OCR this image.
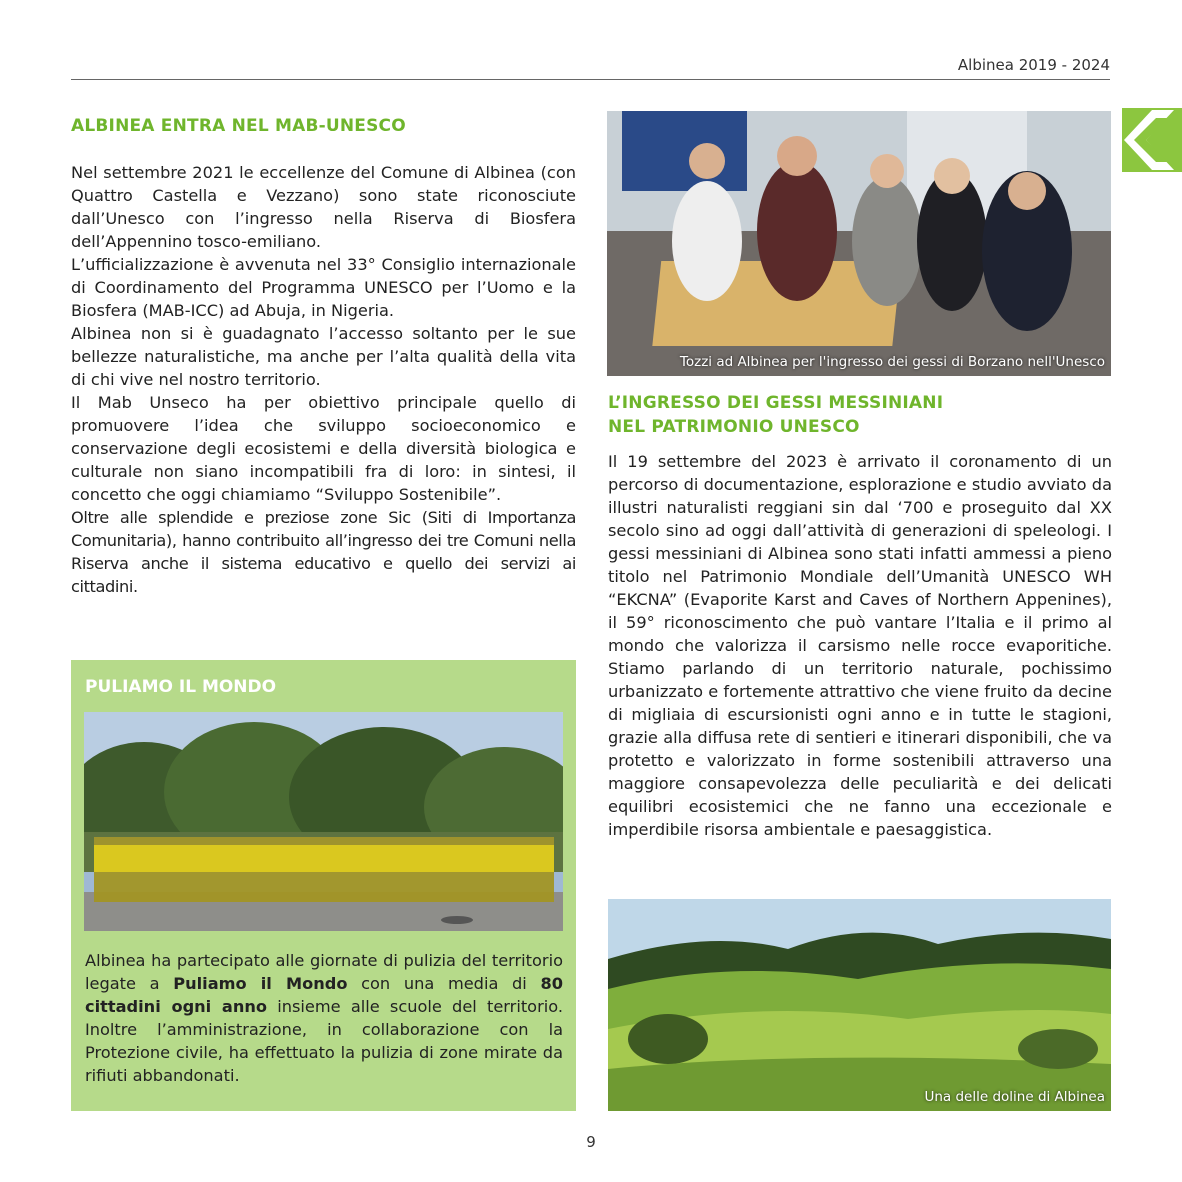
Albinea 2019 - 2024
ALBINEA ENTRA NEL MAB-UNESCO

Nel settembre 2021 le eccellenze del Comune di Albinea (con Quattro Castella e Vezzano) sono state riconosciute dall’Unesco con l’ingresso nella Riserva di Biosfera dell’Appennino tosco-emiliano.

L’ufficializzazione è avvenuta nel 33° Consiglio internazionale di Coordinamento del Programma UNESCO per l’Uomo e la Biosfera (MAB-ICC) ad Abuja, in Nigeria.

Albinea non si è guadagnato l’accesso soltanto per le sue bellezze naturalistiche, ma anche per l’alta qualità della vita di chi vive nel nostro territorio.

Il Mab Unseco ha per obiettivo principale quello di promuovere l’idea che sviluppo socioeconomico e conservazione degli ecosistemi e della diversità biologica e culturale non siano incompatibili fra di loro: in sintesi, il concetto che oggi chiamiamo “Sviluppo Sostenibile”.

Oltre alle splendide e preziose zone Sic (Siti di Importanza Comunitaria), hanno contribuito all’ingresso dei tre Comuni nella Riserva anche il sistema educativo e quello dei servizi ai cittadini.

PULIAMO IL MONDO
Albinea ha partecipato alle giornate di pulizia del territorio legate a Puliamo il Mondo con una media di 80 cittadini ogni anno insieme alle scuole del territorio. Inoltre l’amministrazione, in collaborazione con la Protezione civile, ha effettuato la pulizia di zone mirate da rifiuti abbandonati.
Tozzi ad Albinea per l'ingresso dei gessi di Borzano nell'Unesco
L’INGRESSO DEI GESSI MESSINIANI
NEL PATRIMONIO UNESCO

Il 19 settembre del 2023 è arrivato il coronamento di un percorso di documentazione, esplorazione e studio avviato da illustri naturalisti reggiani sin dal ‘700 e proseguito dal XX secolo sino ad oggi dall’attività di generazioni di speleologi. I gessi messiniani di Albinea sono stati infatti ammessi a pieno titolo nel Patrimonio Mondiale dell’Umanità UNESCO WH “EKCNA” (Evaporite Karst and Caves of Northern Appenines), il 59° riconoscimento che può vantare l’Italia e il primo al mondo che valorizza il carsismo nelle rocce evaporitiche. Stiamo parlando di un territorio naturale, pochissimo urbanizzato e fortemente attrattivo che viene fruito da decine di migliaia di escursionisti ogni anno e in tutte le stagioni, grazie alla diffusa rete di sentieri e itinerari disponibili, che va protetto e valorizzato in forme sostenibili attraverso una maggiore consapevolezza delle peculiarità e dei delicati equilibri ecosistemici che ne fanno una eccezionale e imperdibile risorsa ambientale e paesaggistica.

Una delle doline di Albinea
9
